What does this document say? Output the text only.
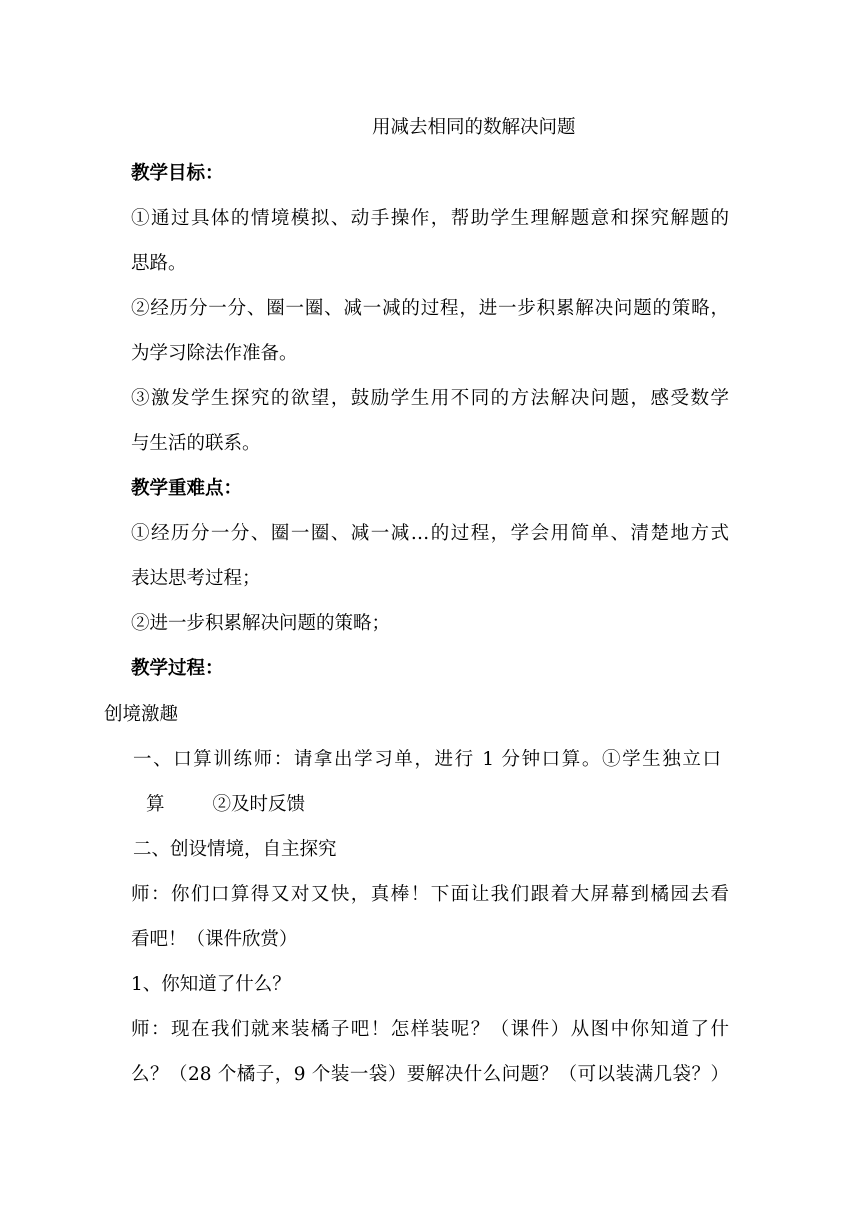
用减去相同的数解决问题
教学目标：
①通过具体的情境模拟、动手操作，帮助学生理解题意和探究解题的
思路。
②经历分一分、圈一圈、减一减的过程，进一步积累解决问题的策略，
为学习除法作准备。
③激发学生探究的欲望，鼓励学生用不同的方法解决问题，感受数学
与生活的联系。
教学重难点：
①经历分一分、圈一圈、减一减…的过程，学会用简单、清楚地方式
表达思考过程；
②进一步积累解决问题的策略；
教学过程：
创境激趣
一、口算训练师：请拿出学习单，进行 1 分钟口算。①学生独立口
算	②及时反馈
二、创设情境，自主探究
师：你们口算得又对又快，真棒！下面让我们跟着大屏幕到橘园去看
看吧！（课件欣赏）
1、你知道了什么？
师：现在我们就来装橘子吧！怎样装呢？（课件）从图中你知道了什
么？（28 个橘子，9 个装一袋）要解决什么问题？（可以装满几袋？）
